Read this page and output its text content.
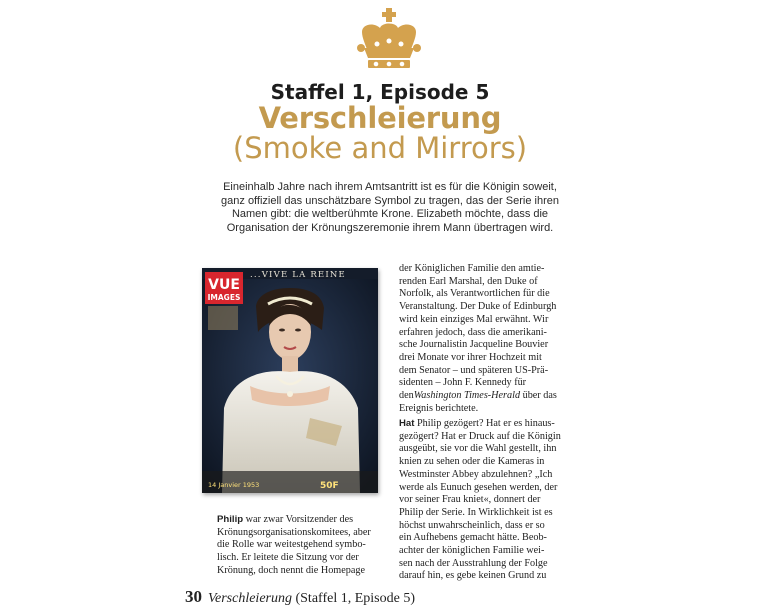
Staffel 1, Episode 5
Verschleierung
(Smoke and Mirrors)
Eineinhalb Jahre nach ihrem Amtsantritt ist es für die Königin soweit, ganz offiziell das unschätzbare Symbol zu tragen, das der Serie ihren Namen gibt: die weltberühmte Krone. Elizabeth möchte, dass die Organisation der Krönungszeremonie ihrem Mann übertragen wird.
...VIVE LA REINE
VUE
IMAGES
14 Janvier 1953	50F

der Königlichen Familie den amtie-
renden Earl Marshal, den Duke of
Norfolk, als Verantwortlichen für die
Veranstaltung. Der Duke of Edinburgh
wird kein einziges Mal erwähnt. Wir
erfahren jedoch, dass die amerikani-
sche Journalistin Jacqueline Bouvier
drei Monate vor ihrer Hochzeit mit
dem Senator – und späteren US-Prä-
sidenten – John F. Kennedy für denWashington Times-Herald über das
Ereignis berichtete.

Hat Philip gezögert? Hat er es hinaus-
gezögert? Hat er Druck auf die Königin
ausgeübt, sie vor die Wahl gestellt, ihn
knien zu sehen oder die Kameras in
Westminster Abbey abzulehnen? „Ich
werde als Eunuch gesehen werden, der
vor seiner Frau kniet«, donnert der
Philip der Serie. In Wirklichkeit ist es
höchst unwahrscheinlich, dass er so
ein Aufhebens gemacht hätte. Beob-
achter der königlichen Familie wei-
sen nach der Ausstrahlung der Folge
darauf hin, es gebe keinen Grund zu

Philip war zwar Vorsitzender des
Krönungsorganisationskomitees, aber
die Rolle war weitestgehend symbo-
lisch. Er leitete die Sitzung vor der
Krönung, doch nennt die Homepage

30 Verschleierung (Staffel 1, Episode 5)
